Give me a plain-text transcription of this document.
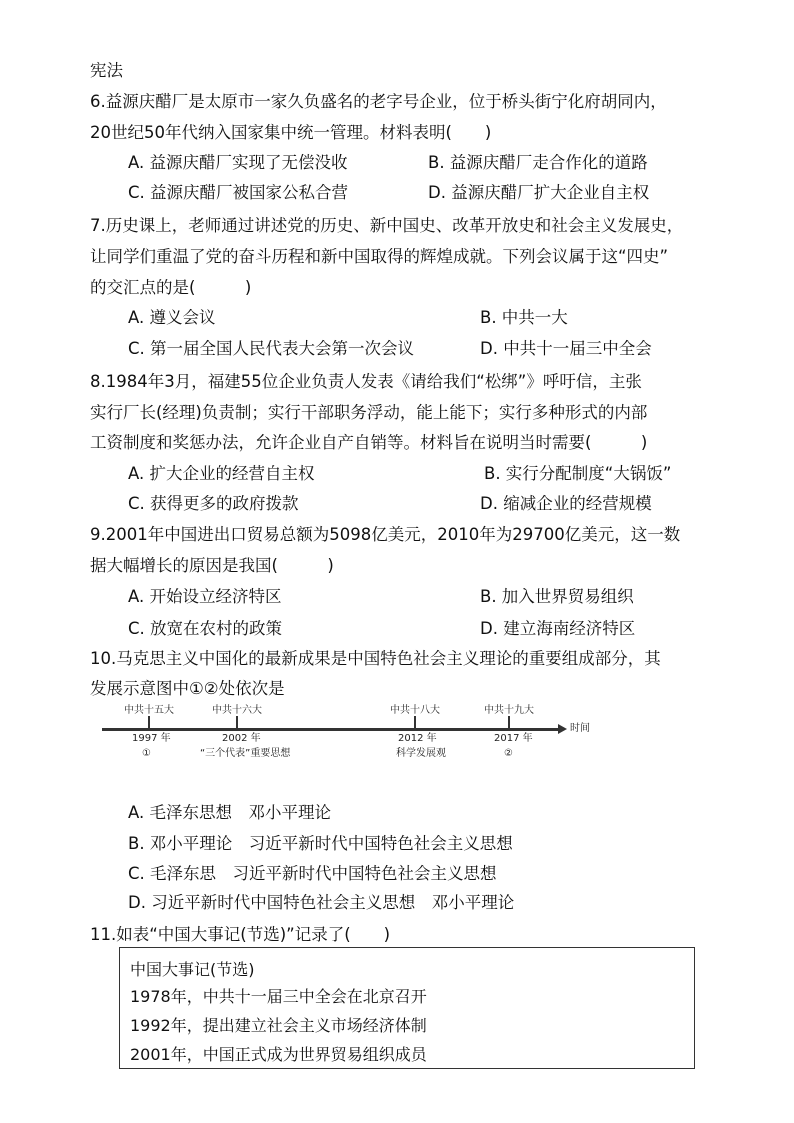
宪法
6.益源庆醋厂是太原市一家久负盛名的老字号企业，位于桥头街宁化府胡同内，
20世纪50年代纳入国家集中统一管理。材料表明(　　)
A. 益源庆醋厂实现了无偿没收	B. 益源庆醋厂走合作化的道路
C. 益源庆醋厂被国家公私合营	D. 益源庆醋厂扩大企业自主权
7.历史课上，老师通过讲述党的历史、新中国史、改革开放史和社会主义发展史，
让同学们重温了党的奋斗历程和新中国取得的辉煌成就。下列会议属于这“四史”
的交汇点的是(　　　)
A. 遵义会议	B. 中共一大
C. 第一届全国人民代表大会第一次会议	D. 中共十一届三中全会
8.1984年3月，福建55位企业负责人发表《请给我们“松绑”》呼吁信，主张
实行厂长(经理)负责制；实行干部职务浮动，能上能下；实行多种形式的内部
工资制度和奖惩办法，允许企业自产自销等。材料旨在说明当时需要(　　　)
A. 扩大企业的经营自主权	B. 实行分配制度“大锅饭”
C. 获得更多的政府拨款	D. 缩减企业的经营规模
9.2001年中国进出口贸易总额为5098亿美元，2010年为29700亿美元，这一数
据大幅增长的原因是我国(　　　)
A. 开始设立经济特区	B. 加入世界贸易组织
C. 放宽在农村的政策	D. 建立海南经济特区
10.马克思主义中国化的最新成果是中国特色社会主义理论的重要组成部分，其
发展示意图中①②处依次是
中共十五大	中共十六大	中共十八大	中共十九大
时间
1997 年	2002 年	2012 年	2017 年
①	“三个代表”重要思想	科学发展观	②
A. 毛泽东思想　邓小平理论
B. 邓小平理论　习近平新时代中国特色社会主义思想
C. 毛泽东思　习近平新时代中国特色社会主义思想
D. 习近平新时代中国特色社会主义思想　邓小平理论
11.如表“中国大事记(节选)”记录了(　　)
中国大事记(节选)
1978年，中共十一届三中全会在北京召开
1992年，提出建立社会主义市场经济体制
2001年，中国正式成为世界贸易组织成员
